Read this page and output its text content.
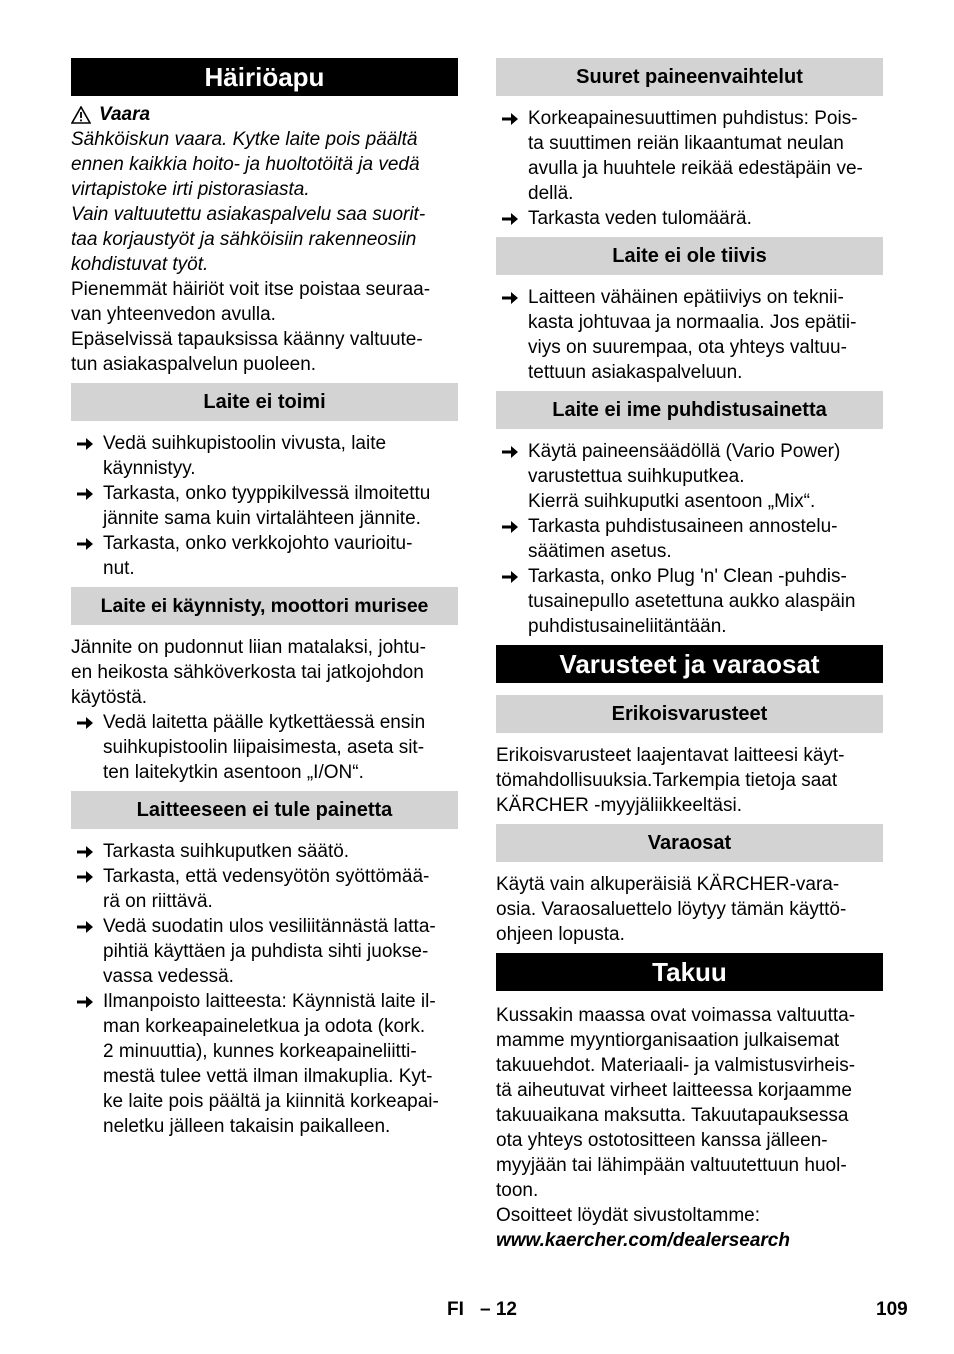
Häiriöapu
Vaara

Sähköiskun vaara. Kytke laite pois päältä

ennen kaikkia hoito- ja huoltotöitä ja vedä

virtapistoke irti pistorasiasta.

Vain valtuutettu asiakaspalvelu saa suorit-

taa korjaustyöt ja sähköisiin rakenneosiin

kohdistuvat työt.

Pienemmät häiriöt voit itse poistaa seuraa-

van yhteenvedon avulla.

Epäselvissä tapauksissa käänny valtuute-

tun asiakaspalvelun puoleen.

Laite ei toimi

Vedä suihkupistoolin vivusta, laite

käynnistyy.

Tarkasta, onko tyyppikilvessä ilmoitettu

jännite sama kuin virtalähteen jännite.

Tarkasta, onko verkkojohto vaurioitu-

nut.

Laite ei käynnisty, moottori murisee

Jännite on pudonnut liian matalaksi, johtu-

en heikosta sähköverkosta tai jatkojohdon

käytöstä.

Vedä laitetta päälle kytkettäessä ensin

suihkupistoolin liipaisimesta, aseta sit-

ten laitekytkin asentoon „I/ON“.

Laitteeseen ei tule painetta

Tarkasta suihkuputken säätö.

Tarkasta, että vedensyötön syöttömää-

rä on riittävä.

Vedä suodatin ulos vesiliitännästä latta-

pihtiä käyttäen ja puhdista sihti juokse-

vassa vedessä.

Ilmanpoisto laitteesta: Käynnistä laite il-

man korkeapaineletkua ja odota (kork.

2 minuuttia), kunnes korkeapaineliitti-

mestä tulee vettä ilman ilmakuplia. Kyt-

ke laite pois päältä ja kiinnitä korkeapai-

neletku jälleen takaisin paikalleen.

Suuret paineenvaihtelut

Korkeapainesuuttimen puhdistus: Pois-

ta suuttimen reiän likaantumat neulan

avulla ja huuhtele reikää edestäpäin ve-

dellä.

Tarkasta veden tulomäärä.

Laite ei ole tiivis

Laitteen vähäinen epätiiviys on teknii-

kasta johtuvaa ja normaalia. Jos epätii-

viys on suurempaa, ota yhteys valtuu-

tettuun asiakaspalveluun.

Laite ei ime puhdistusainetta

Käytä paineensäädöllä (Vario Power)

varustettua suihkuputkea.

Kierrä suihkuputki asentoon „Mix“.

Tarkasta puhdistusaineen annostelu-

säätimen asetus.

Tarkasta, onko Plug 'n' Clean -puhdis-

tusainepullo asetettuna aukko alaspäin

puhdistusaineliitäntään.

Varusteet ja varaosat
Erikoisvarusteet

Erikoisvarusteet laajentavat laitteesi käyt-

tömahdollisuuksia.Tarkempia tietoja saat

KÄRCHER -myyjäliikkeeltäsi.

Varaosat

Käytä vain alkuperäisiä KÄRCHER-vara-

osia. Varaosaluettelo löytyy tämän käyttö-

ohjeen lopusta.

Takuu

Kussakin maassa ovat voimassa valtuutta-

mamme myyntiorganisaation julkaisemat

takuuehdot. Materiaali- ja valmistusvirheis-

tä aiheutuvat virheet laitteessa korjaamme

takuuaikana maksutta. Takuutapauksessa

ota yhteys ostotositteen kanssa jälleen-

myyjään tai lähimpään valtuutettuun huol-

toon.

Osoitteet löydät sivustoltamme:

www.kaercher.com/dealersearch

FI – 12	109
